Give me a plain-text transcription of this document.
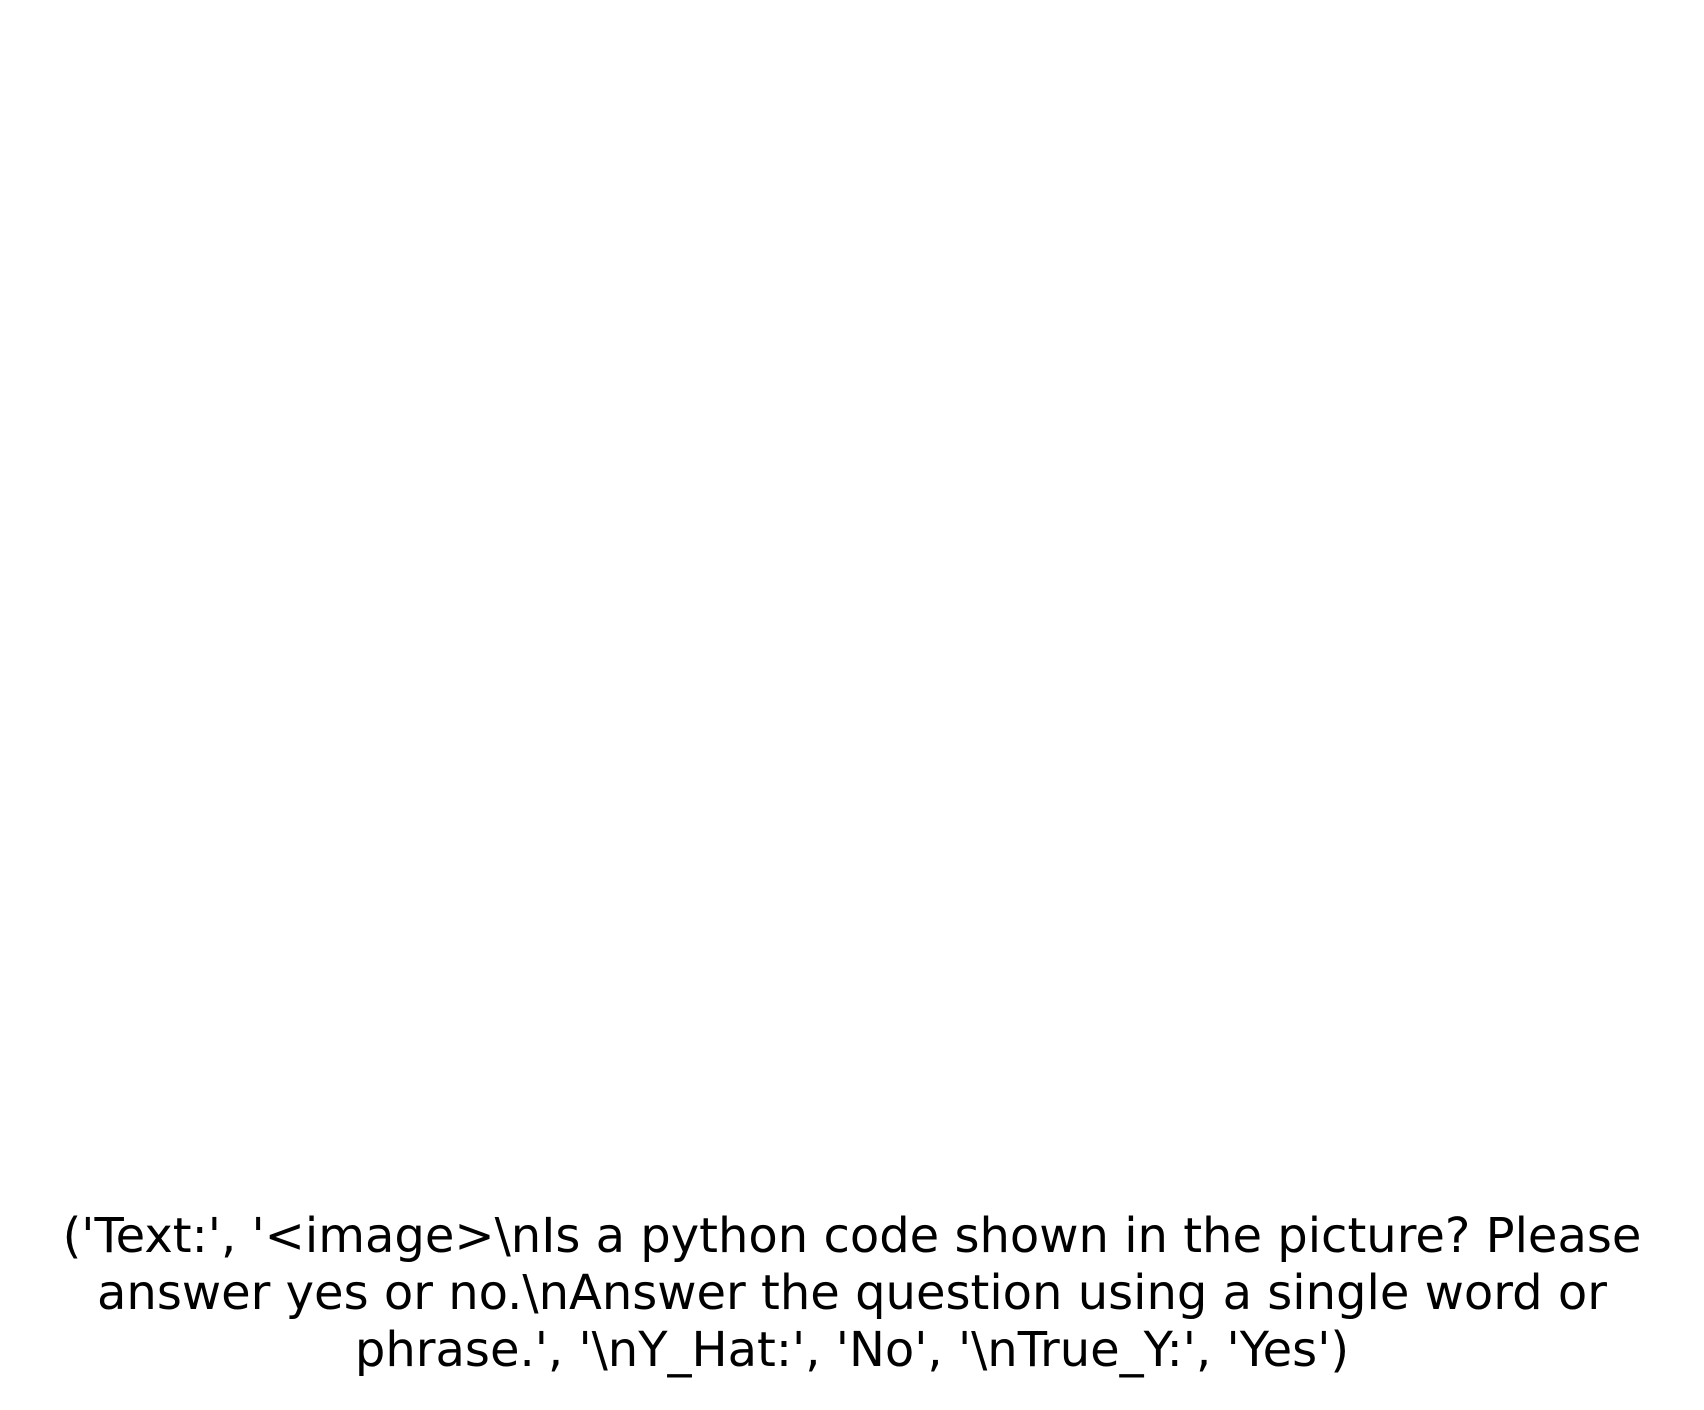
('Text:', '<image>\nIs a python code shown in the picture? Please
answer yes or no.\nAnswer the question using a single word or
phrase.', '\nY_Hat:', 'No', '\nTrue_Y:', 'Yes')
